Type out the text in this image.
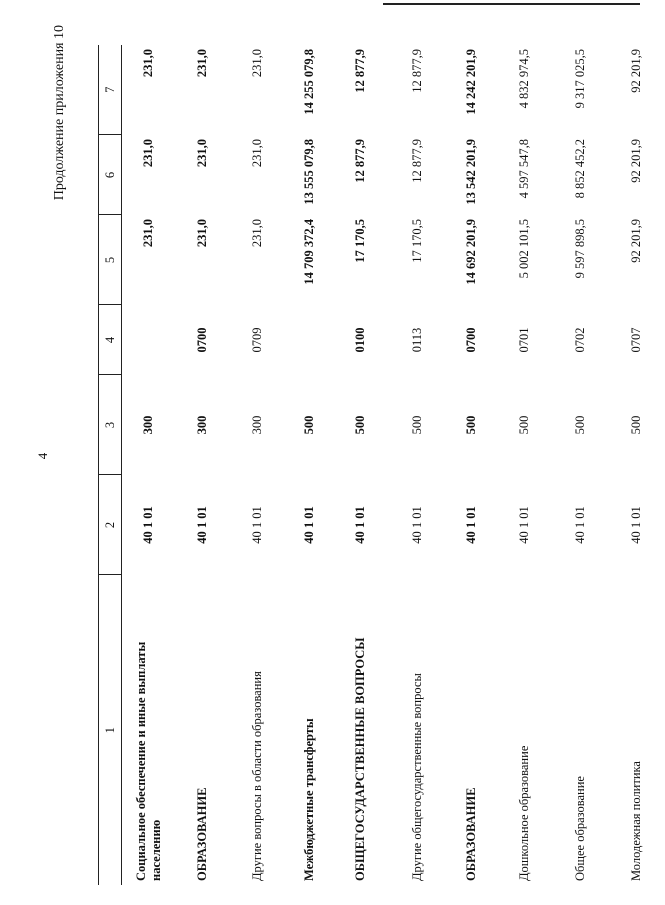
4
Продолжение приложения 10
1	2	3	4	5	6	7
Социальное обеспечение и иные выплаты населению	40 1 01	300		231,0	231,0	231,0
ОБРАЗОВАНИЕ	40 1 01	300	0700	231,0	231,0	231,0
Другие вопросы в области образования	40 1 01	300	0709	231,0	231,0	231,0
Межбюджетные трансферты	40 1 01	500		14 709 372,4	13 555 079,8	14 255 079,8
ОБЩЕГОСУДАРСТВЕННЫЕ ВОПРОСЫ	40 1 01	500	0100	17 170,5	12 877,9	12 877,9
Другие общегосударственные вопросы	40 1 01	500	0113	17 170,5	12 877,9	12 877,9
ОБРАЗОВАНИЕ	40 1 01	500	0700	14 692 201,9	13 542 201,9	14 242 201,9
Дошкольное образование	40 1 01	500	0701	5 002 101,5	4 597 547,8	4 832 974,5
Общее образование	40 1 01	500	0702	9 597 898,5	8 852 452,2	9 317 025,5
Молодежная политика	40 1 01	500	0707	92 201,9	92 201,9	92 201,9
